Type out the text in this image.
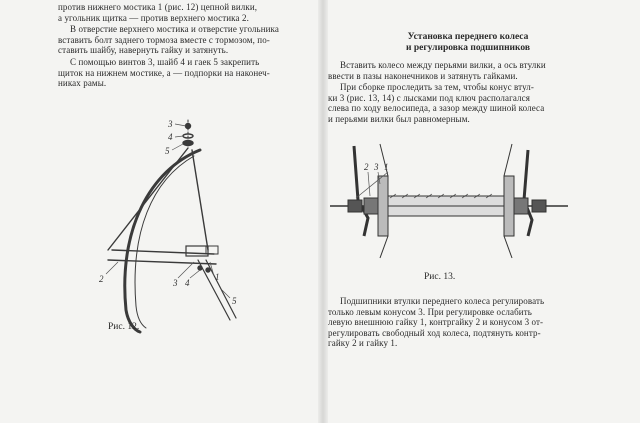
против нижнего мостика 1 (рис. 12) цепной вилки,
а угольник щитка — против верхнего мостика 2.
В отверстие верхнего мостика и отверстие угольника
вставить болт заднего тормоза вместе с тормозом, по-
ставить шайбу, навернуть гайку и затянуть.
С помощью винтов 3, шайб 4 и гаек 5 закрепить
щиток на нижнем мостике, а — подпорки на наконеч-
никах рамы.
3
4
5
2	3 4
1
5
Рис. 12.
Установка переднего колеса
и регулировка подшипников
Вставить колесо между перьями вилки, а ось втулки
ввести в пазы наконечников и затянуть гайками.
При сборке проследить за тем, чтобы конус втул-
ки 3 (рис. 13, 14) с лысками под ключ располагался
слева по ходу велосипеда, а зазор между шиной колеса
и перьями вилки был равномерным.
2 3 1
Рис. 13.
Подшипники втулки переднего колеса регулировать
только левым конусом 3. При регулировке ослабить
левую внешнюю гайку 1, контргайку 2 и конусом 3 от-
регулировать свободный ход колеса, подтянуть контр-
гайку 2 и гайку 1.
